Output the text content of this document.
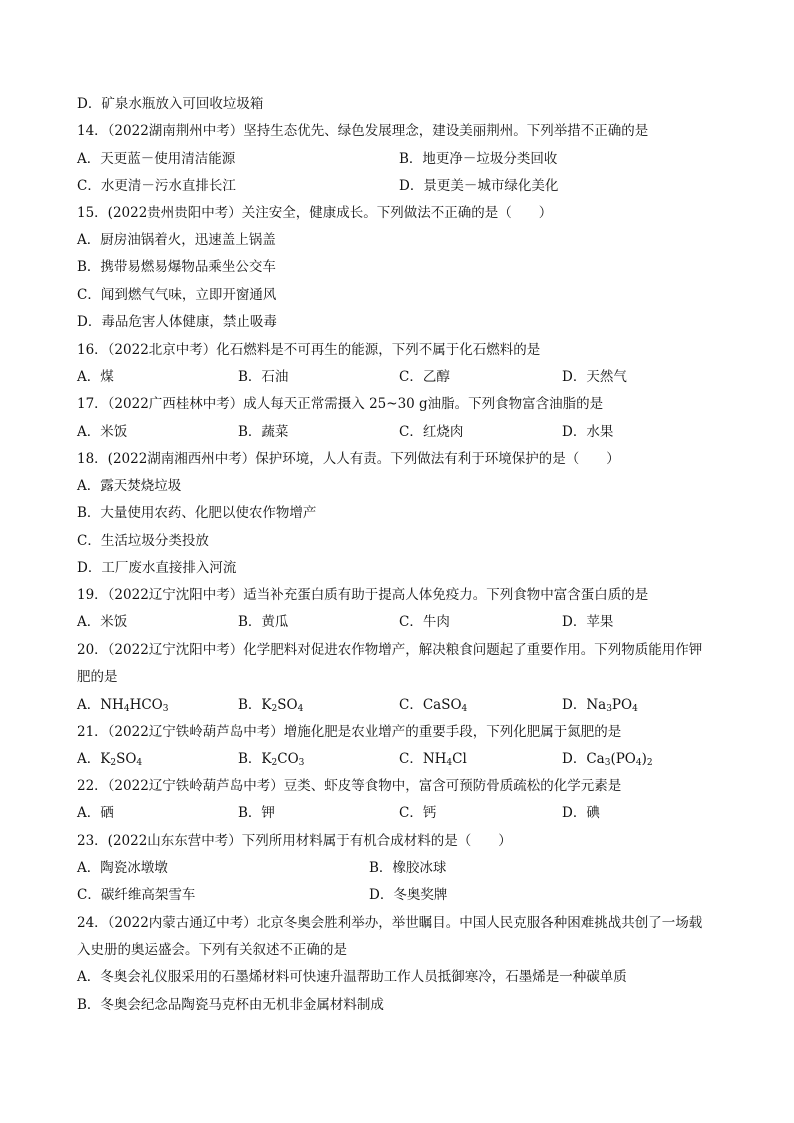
D．矿泉水瓶放入可回收垃圾箱
14．（2022湖南荆州中考）坚持生态优先、绿色发展理念，建设美丽荆州。下列举措不正确的是
A．天更蓝－使用清洁能源	B．地更净－垃圾分类回收
C．水更清－污水直排长江	D．景更美－城市绿化美化
15．(2022贵州贵阳中考）关注安全，健康成长。下列做法不正确的是（　　）
A．厨房油锅着火，迅速盖上锅盖
B．携带易燃易爆物品乘坐公交车
C．闻到燃气气味，立即开窗通风
D．毒品危害人体健康，禁止吸毒
16．（2022北京中考）化石燃料是不可再生的能源，下列不属于化石燃料的是
A．煤	B．石油	C．乙醇	D．天然气
17．（2022广西桂林中考）成人每天正常需摄入 25~30 g油脂。下列食物富含油脂的是
A．米饭	B．蔬菜	C．红烧肉	D．水果
18．(2022湖南湘西州中考）保护环境，人人有责。下列做法有利于环境保护的是（　　）
A．露天焚烧垃圾
B．大量使用农药、化肥以使农作物增产
C．生活垃圾分类投放
D．工厂废水直接排入河流
19．（2022辽宁沈阳中考）适当补充蛋白质有助于提高人体免疫力。下列食物中富含蛋白质的是
A．米饭	B．黄瓜	C．牛肉	D．苹果
20．（2022辽宁沈阳中考）化学肥料对促进农作物增产，解决粮食问题起了重要作用。下列物质能用作钾
肥的是
A．$NH_4HCO_3$	B．$K_2SO_4$	C．CaSO$_4$	D．$Na_3PO_4$
21．（2022辽宁铁岭葫芦岛中考）增施化肥是农业增产的重要手段，下列化肥属于氮肥的是
A．$K_2SO_4$	B．$K_2CO_3$	C．$NH_4Cl$	D．$Ca_3(PO_4)_2$
22．（2022辽宁铁岭葫芦岛中考）豆类、虾皮等食物中，富含可预防骨质疏松的化学元素是
A．硒	B．钾	C．钙	D．碘
23．(2022山东东营中考）下列所用材料属于有机合成材料的是（　　）
A．陶瓷冰墩墩	B．橡胶冰球
C．碳纤维高架雪车	D．冬奥奖牌
24．（2022内蒙古通辽中考）北京冬奥会胜利举办，举世瞩目。中国人民克服各种困难挑战共创了一场载
入史册的奥运盛会。下列有关叙述不正确的是
A．冬奥会礼仪服采用的石墨烯材料可快速升温帮助工作人员抵御寒冷，石墨烯是一种碳单质
B．冬奥会纪念品陶瓷马克杯由无机非金属材料制成
